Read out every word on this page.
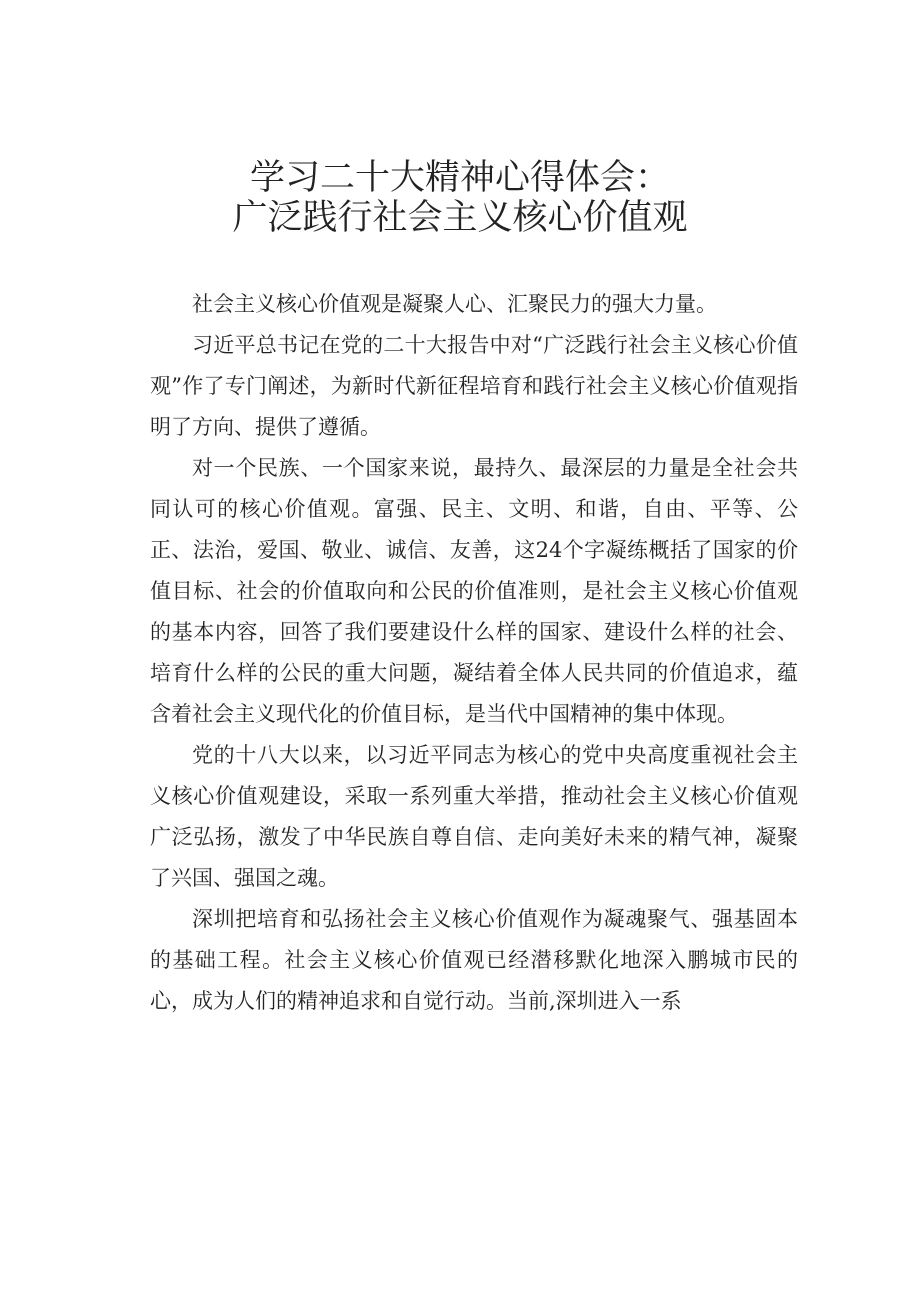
学习二十大精神心得体会：
广泛践行社会主义核心价值观

社会主义核心价值观是凝聚人心、汇聚民力的强大力量。

习近平总书记在党的二十大报告中对“广泛践行社会主义核心价值观”作了专门阐述，为新时代新征程培育和践行社会主义核心价值观指明了方向、提供了遵循。

对一个民族、一个国家来说，最持久、最深层的力量是全社会共同认可的核心价值观。富强、民主、文明、和谐，自由、平等、公正、法治，爱国、敬业、诚信、友善，这24个字凝练概括了国家的价值目标、社会的价值取向和公民的价值准则，是社会主义核心价值观的基本内容，回答了我们要建设什么样的国家、建设什么样的社会、培育什么样的公民的重大问题，凝结着全体人民共同的价值追求，蕴含着社会主义现代化的价值目标，是当代中国精神的集中体现。

党的十八大以来，以习近平同志为核心的党中央高度重视社会主义核心价值观建设，采取一系列重大举措，推动社会主义核心价值观广泛弘扬，激发了中华民族自尊自信、走向美好未来的精气神，凝聚了兴国、强国之魂。

深圳把培育和弘扬社会主义核心价值观作为凝魂聚气、强基固本的基础工程。社会主义核心价值观已经潜移默化地深入鹏城市民的心，成为人们的精神追求和自觉行动。当前,深圳进入一系
